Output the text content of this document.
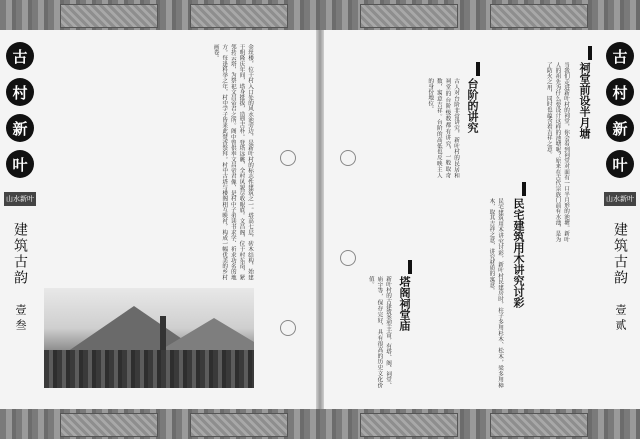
古
村
新
叶
山水新叶
建筑古韵
壹叁
金丝楼，位于村入口处的风水池旁边，是新叶村的标志性建筑之一。塔高七层，砖木结构，始建于明隆庆年间，塔身挺拔，造型古朴。登塔远眺，全村风貌尽收眼底。文昌阁，位于村东南，紧邻抟云塔，为祭祀文昌帝君之所。阁中曾供奉文昌帝君像，是村中子弟读书求学、祈求功名的地方。每逢科举之年，村中学子皆来此焚香祭拜。村中古塔与楼阁相互映衬，构成一幅优美的乡村画卷。	古
村
新
叶
山水新叶
建筑古韵
壹贰
祠堂前设半月塘
当我们走进新叶村的祠堂，你会看到祠堂对面有一口半月形的池塘。新叶人的祖先为什么要设计这样的池塘呢？原来在古代宗族门前有水池，是为了防火之用，同时也蕴含着吉祥之意。
民宅建筑用木讲究讨彩
民宅建筑用木讲究讨彩，新叶村民建房时，柱子多用杉木、松木，梁多用樟木，取其吉祥之意，讲究材质的寓意。
台阶的讲究
古人对台阶非常讲究，新叶村的民居和祠堂的台阶级数都有讲究，一般取奇数，寓意吉祥。台阶的高低也反映主人的身份地位。
塔阁祠堂庙
新叶村的古建筑类型丰富，有塔、阁、祠堂、庙宇等，保存完好，具有很高的历史文化价值。
